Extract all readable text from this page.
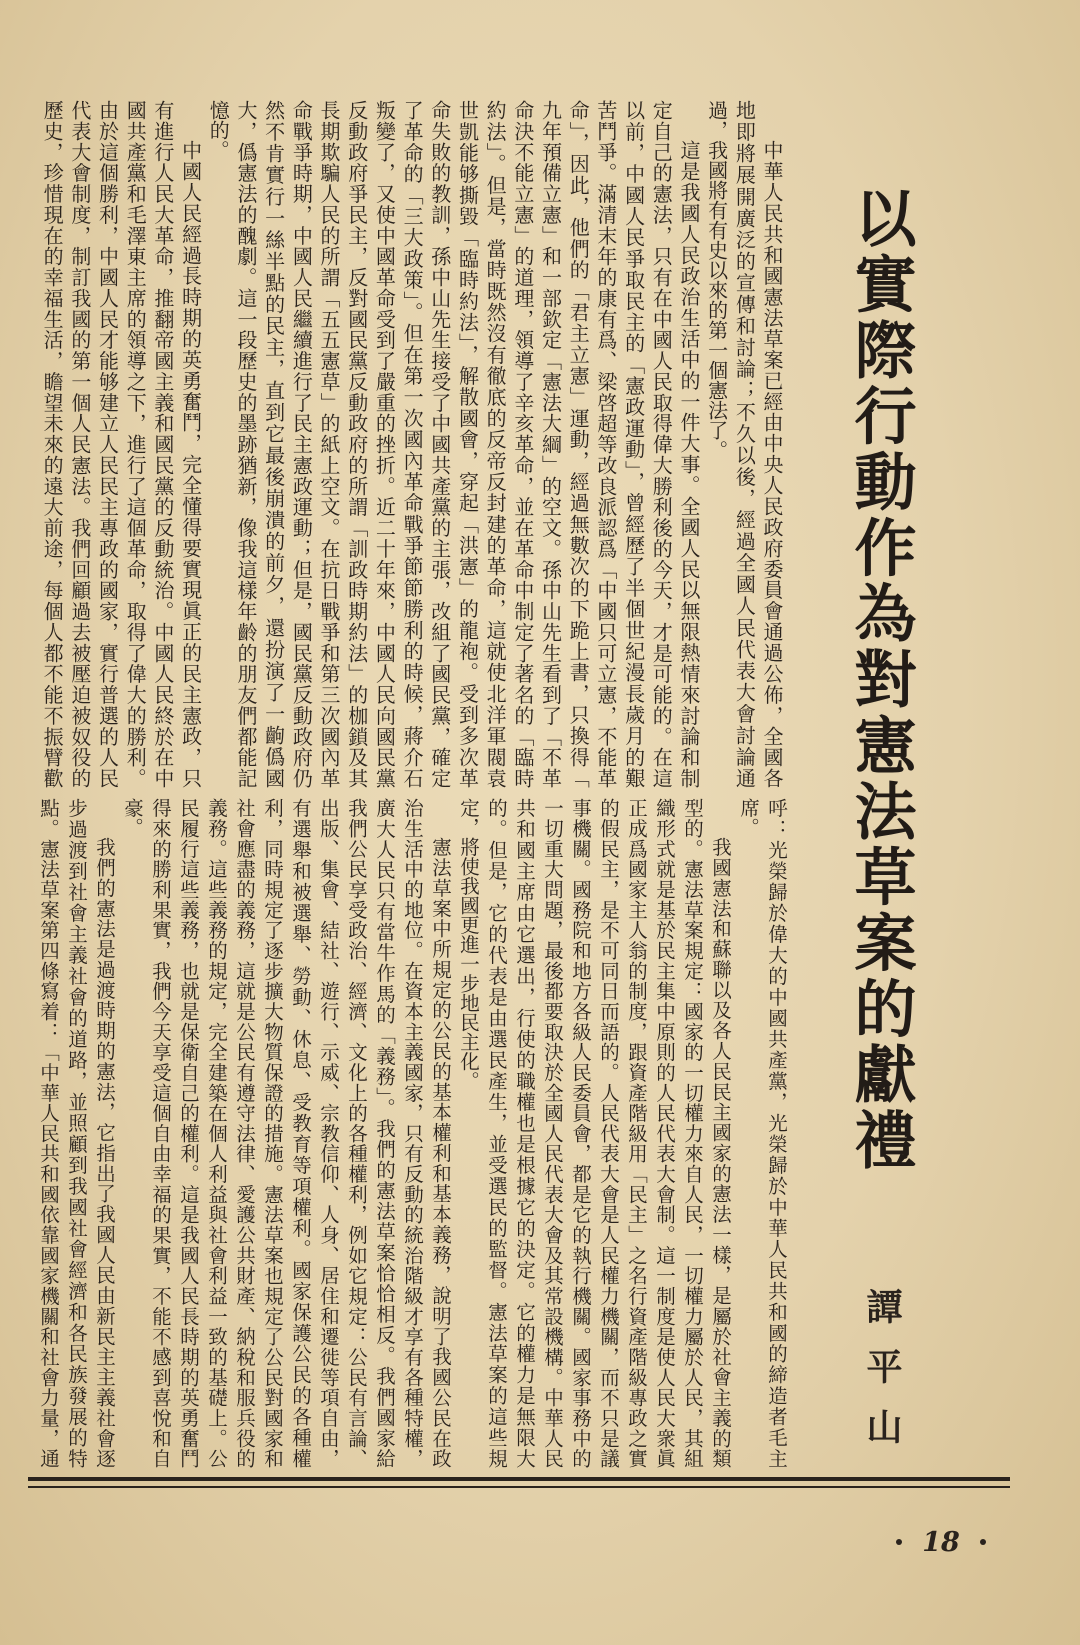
以實際行動作為對憲法草案的獻禮
譚平山
中華人民共和國憲法草案已經由中央人民政府委員會通過公佈，全國各
地即將展開廣泛的宣傳和討論；不久以後，經過全國人民代表大會討論通
過，我國將有有史以來的第一個憲法了。
這是我國人民政治生活中的一件大事。全國人民以無限熱情來討論和制
定自己的憲法，只有在中國人民取得偉大勝利後的今天，才是可能的。在這
以前，中國人民爭取民主的「憲政運動」，曾經歷了半個世紀漫長歲月的艱
苦鬥爭。滿清末年的康有爲、梁啓超等改良派認爲「中國只可立憲，不能革
命」，因此，他們的「君主立憲」運動，經過無數次的下跪上書，只換得「
九年預備立憲」和一部欽定「憲法大綱」的空文。孫中山先生看到了「不革
命決不能立憲」的道理，領導了辛亥革命，並在革命中制定了著名的「臨時
約法」。但是，當時既然沒有徹底的反帝反封建的革命，這就使北洋軍閥袁
世凱能够撕毀「臨時約法」，解散國會，穿起「洪憲」的龍袍。受到多次革
命失敗的教訓，孫中山先生接受了中國共產黨的主張，改組了國民黨，確定
了革命的「三大政策」。但在第一次國內革命戰爭節節勝利的時候，蔣介石
叛變了，又使中國革命受到了嚴重的挫折。近二十年來，中國人民向國民黨
反動政府爭民主，反對國民黨反動政府的所謂「訓政時期約法」的枷鎖及其
長期欺騙人民的所謂「五五憲草」的紙上空文。在抗日戰爭和第三次國內革
命戰爭時期，中國人民繼續進行了民主憲政運動；但是，國民黨反動政府仍
然不肯實行一絲半點的民主，直到它最後崩潰的前夕，還扮演了一齣僞國
大，僞憲法的醜劇。這一段歷史的墨跡猶新，像我這樣年齡的朋友們都能記
憶的。
中國人民經過長時期的英勇奮鬥，完全懂得要實現眞正的民主憲政，只
有進行人民大革命，推翻帝國主義和國民黨的反動統治。中國人民終於在中
國共產黨和毛澤東主席的領導之下，進行了這個革命，取得了偉大的勝利。
由於這個勝利，中國人民才能够建立人民民主專政的國家，實行普選的人民
代表大會制度，制訂我國的第一個人民憲法。我們回顧過去被壓迫被奴役的
歷史，珍惜現在的幸福生活，瞻望未來的遠大前途，每個人都不能不振臂歡
呼：光榮歸於偉大的中國共產黨，光榮歸於中華人民共和國的締造者毛主
席。
我國憲法和蘇聯以及各人民民主國家的憲法一樣，是屬於社會主義的類
型的。憲法草案規定：國家的一切權力來自人民，一切權力屬於人民，其組
織形式就是基於民主集中原則的人民代表大會制。這一制度是使人民大衆眞
正成爲國家主人翁的制度，跟資產階級用「民主」之名行資產階級專政之實
的假民主，是不可同日而語的。人民代表大會是人民權力機關，而不只是議
事機關。國務院和地方各級人民委員會，都是它的執行機關。國家事務中的
一切重大問題，最後都要取決於全國人民代表大會及其常設機構。中華人民
共和國主席由它選出，行使的職權也是根據它的決定。它的權力是無限大
的。但是，它的代表是由選民產生，並受選民的監督。憲法草案的這些規
定，將使我國更進一步地民主化。
憲法草案中所規定的公民的基本權利和基本義務，說明了我國公民在政
治生活中的地位。在資本主義國家，只有反動的統治階級才享有各種特權，
廣大人民只有當牛作馬的「義務」。我們的憲法草案恰恰相反。我們國家給
我們公民享受政治、經濟、文化上的各種權利，例如它規定：公民有言論、
出版、集會、結社、遊行、示威、宗教信仰、人身、居住和遷徙等項自由，
有選舉和被選舉、勞動、休息、受教育等項權利。國家保護公民的各種權
利，同時規定了逐步擴大物質保證的措施。憲法草案也規定了公民對國家和
社會應盡的義務，這就是公民有遵守法律、愛護公共財產、納稅和服兵役的
義務。這些義務的規定，完全建築在個人利益與社會利益一致的基礎上。公
民履行這些義務，也就是保衛自己的權利。這是我國人民長時期的英勇奮鬥
得來的勝利果實，我們今天享受這個自由幸福的果實，不能不感到喜悅和自
豪。
我們的憲法是過渡時期的憲法，它指出了我國人民由新民主主義社會逐
步過渡到社會主義社會的道路，並照顧到我國社會經濟和各民族發展的特
點。憲法草案第四條寫着：「中華人民共和國依靠國家機關和社會力量，通
18
